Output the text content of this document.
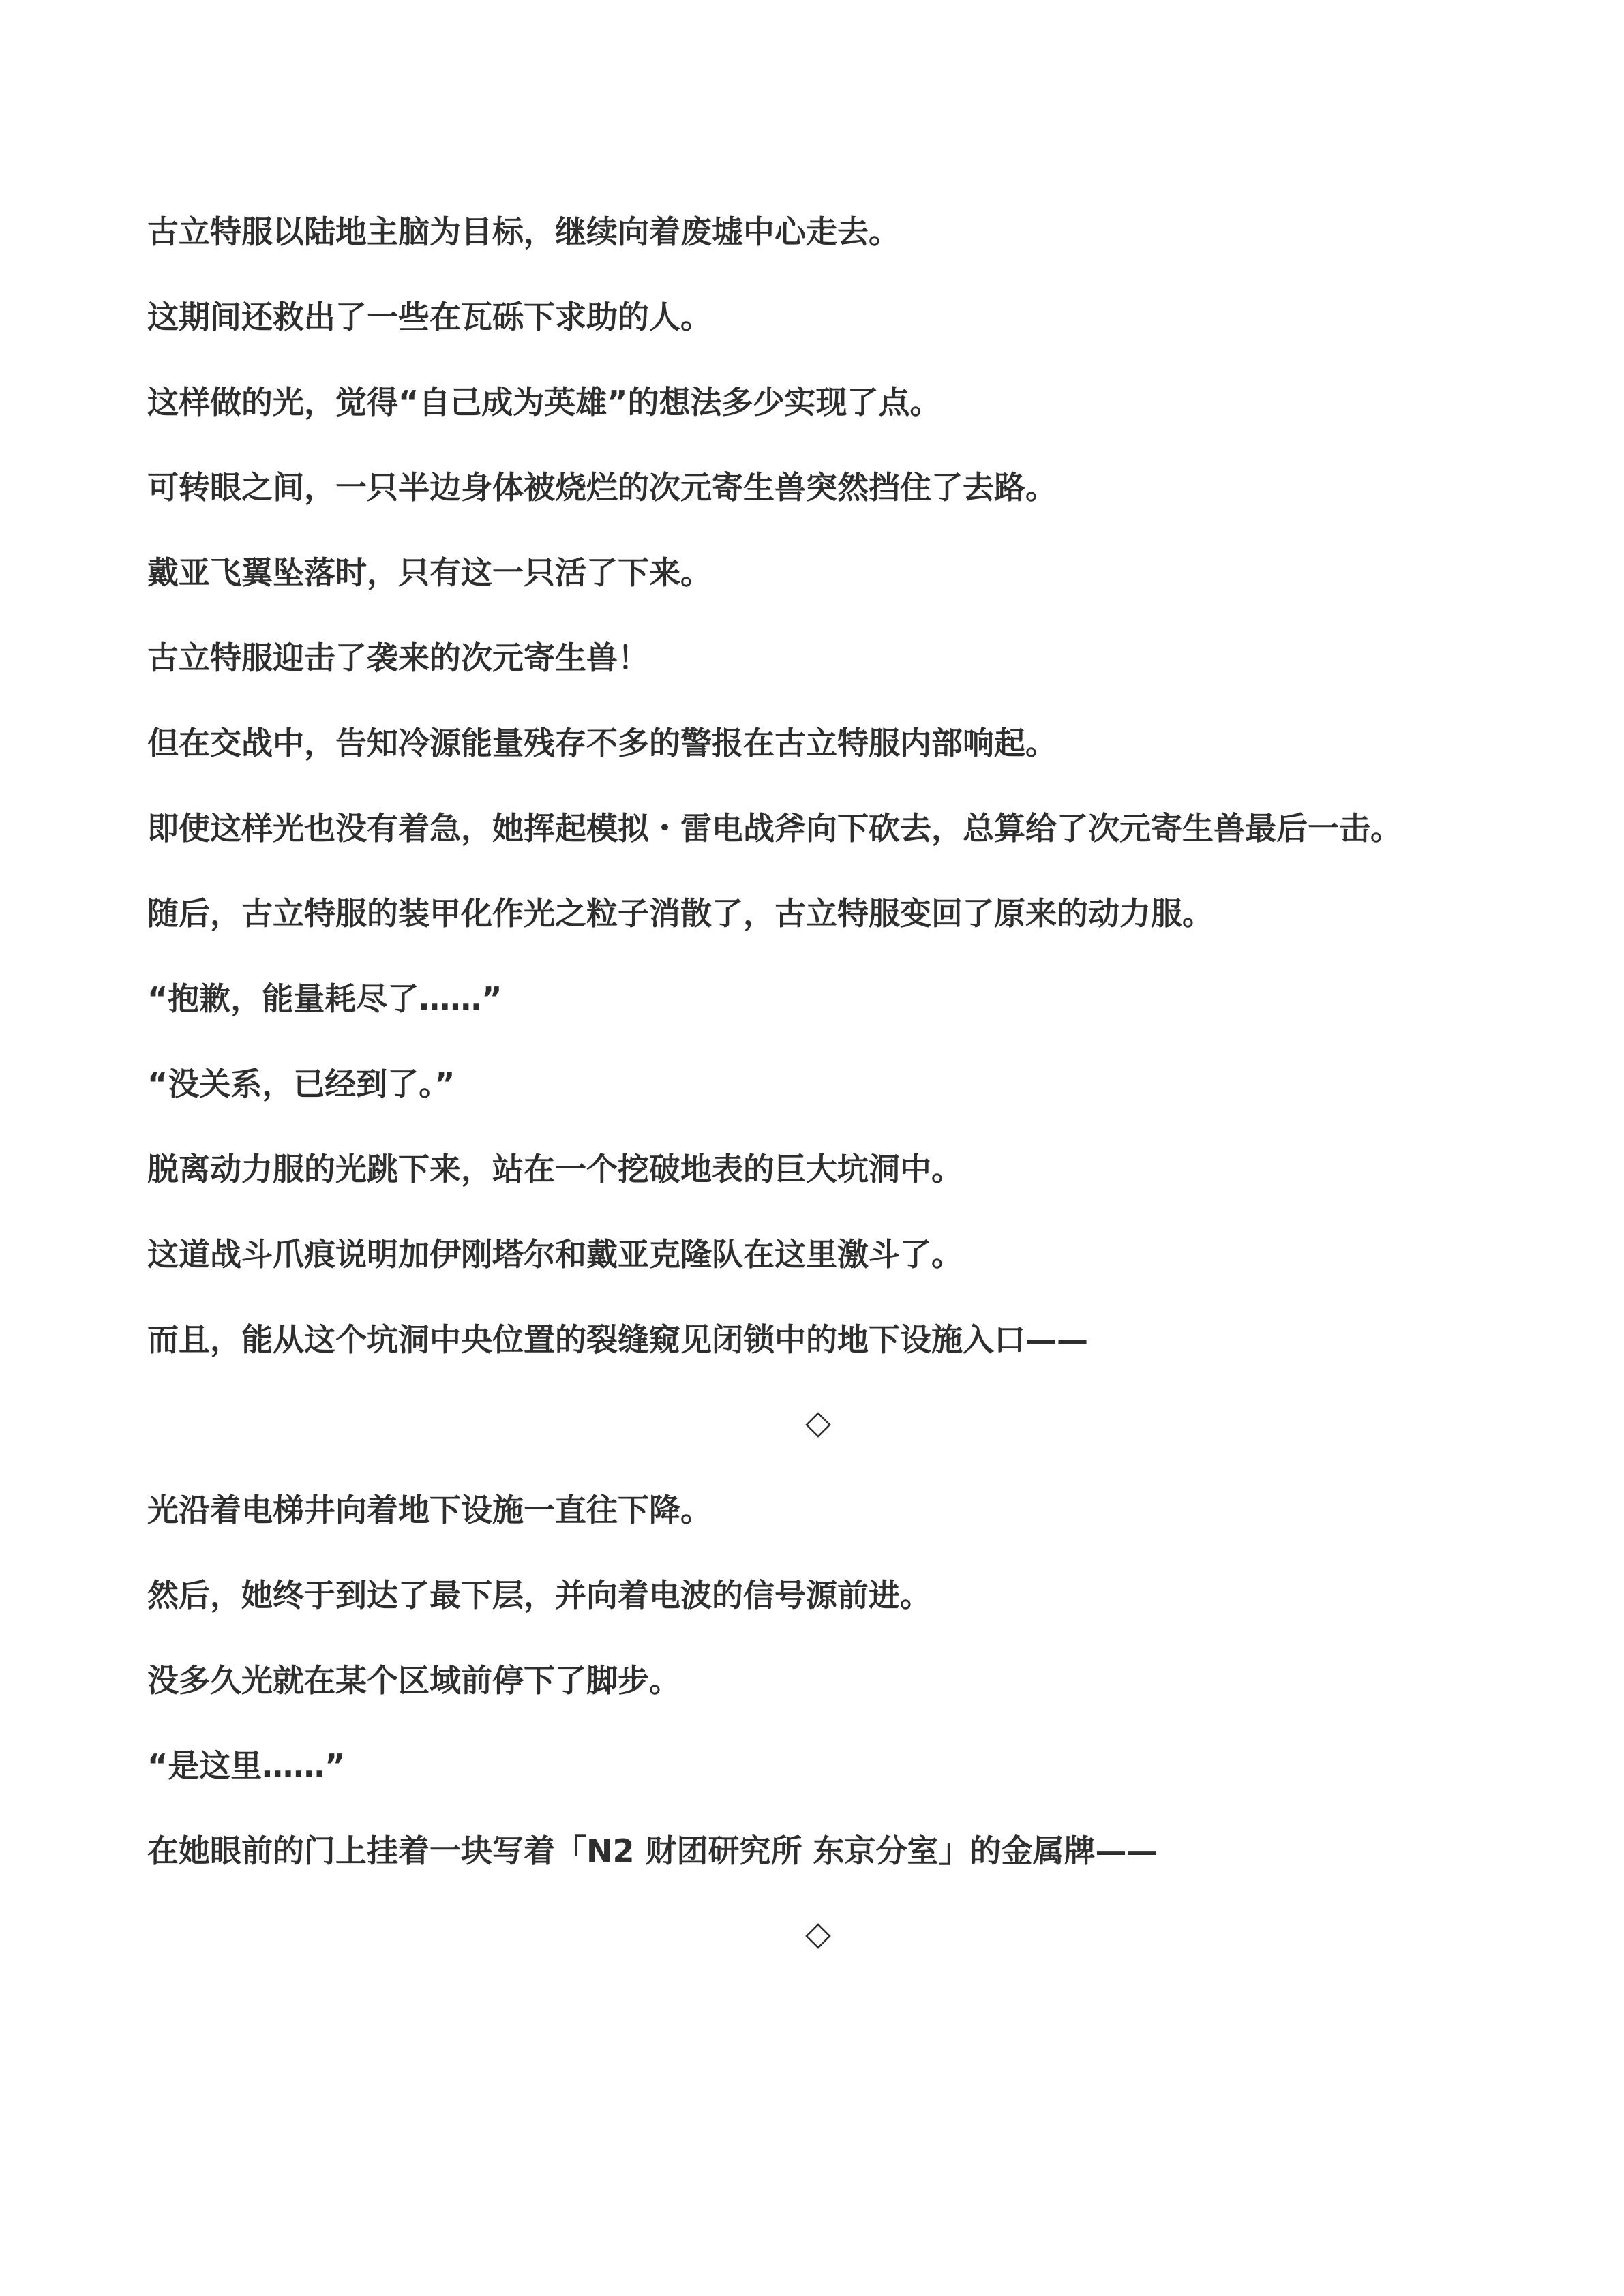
古立特服以陆地主脑为目标，继续向着废墟中心走去。

这期间还救出了一些在瓦砾下求助的人。

这样做的光，觉得“自己成为英雄”的想法多少实现了点。

可转眼之间，一只半边身体被烧烂的次元寄生兽突然挡住了去路。

戴亚飞翼坠落时，只有这一只活了下来。

古立特服迎击了袭来的次元寄生兽！

但在交战中，告知冷源能量残存不多的警报在古立特服内部响起。

即使这样光也没有着急，她挥起模拟・雷电战斧向下砍去，总算给了次元寄生兽最后一击。

随后，古立特服的装甲化作光之粒子消散了，古立特服变回了原来的动力服。

“抱歉，能量耗尽了……”

“没关系，已经到了。”

脱离动力服的光跳下来，站在一个挖破地表的巨大坑洞中。

这道战斗爪痕说明加伊刚塔尔和戴亚克隆队在这里激斗了。

而且，能从这个坑洞中央位置的裂缝窥见闭锁中的地下设施入口——

光沿着电梯井向着地下设施一直往下降。

然后，她终于到达了最下层，并向着电波的信号源前进。

没多久光就在某个区域前停下了脚步。

“是这里……”

在她眼前的门上挂着一块写着「N2 财团研究所 东京分室」的金属牌——
